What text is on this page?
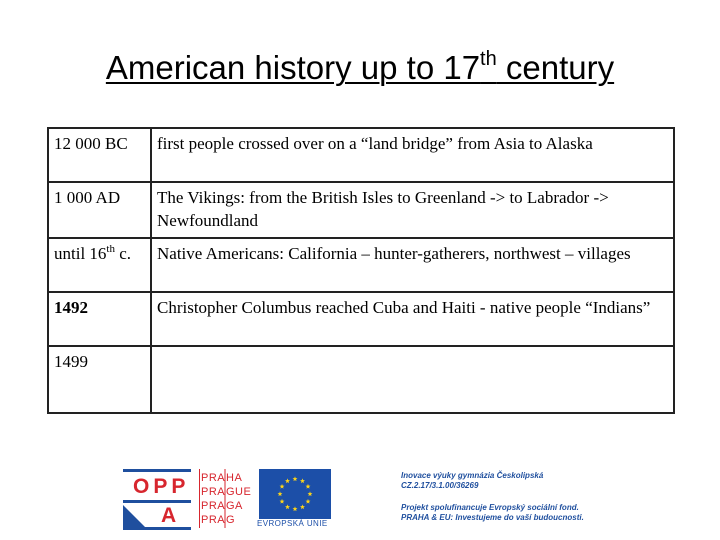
American history up to 17th century
12 000 BC	first people crossed over on a “land bridge” from Asia to Alaska
1 000 AD	The Vikings: from the British Isles to Greenland -> to Labrador -> Newfoundland
until 16th c.	Native Americans: California – hunter-gatherers, northwest – villages
1492	Christopher Columbus reached Cuba and Haiti - native people “Indians”
1499	
OPP
A
PRA HA
PRA GUE
PRA GA
PRA G	EVROPSKÁ UNIE
Inovace výuky gymnázia Českolipská
CZ.2.17/3.1.00/36269
Projekt spolufinancuje Evropský sociální fond.
PRAHA & EU: Investujeme do vaší budoucnosti.
